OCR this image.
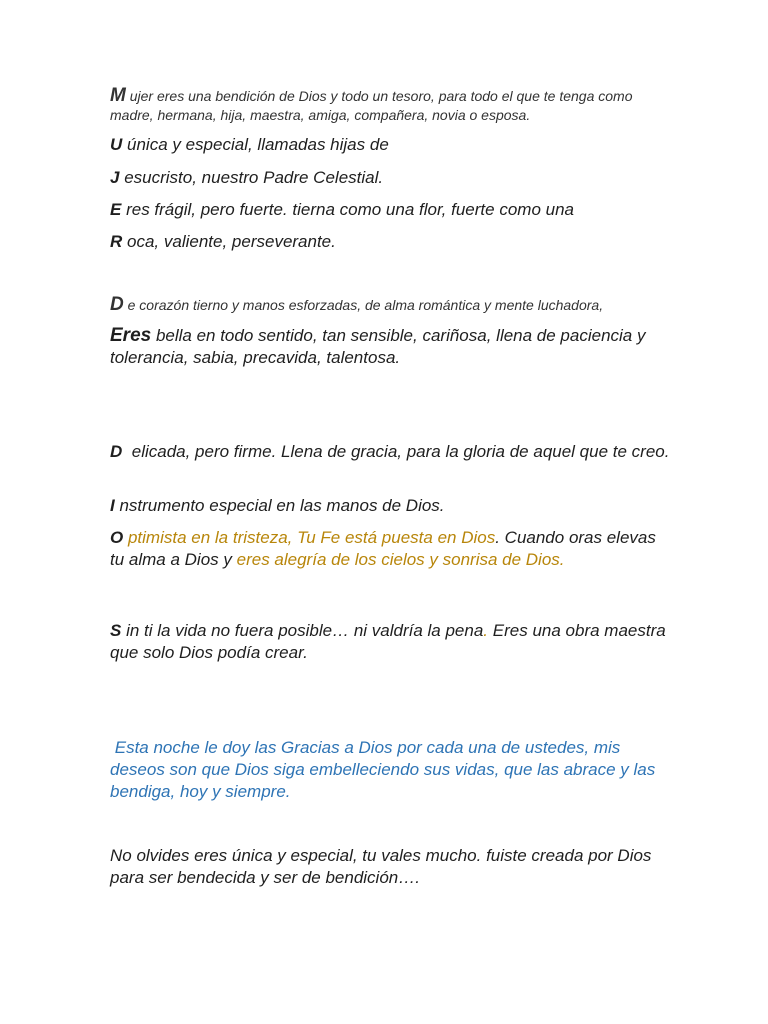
M ujer eres una bendición de Dios y todo un tesoro, para todo el que te tenga como madre, hermana, hija, maestra, amiga, compañera, novia o esposa.

U única y especial, llamadas hijas de

J esucristo, nuestro Padre Celestial.

E res frágil, pero fuerte. tierna como una flor, fuerte como una

R oca, valiente, perseverante.

D e corazón tierno y manos esforzadas, de alma romántica y mente luchadora,

Eres bella en todo sentido, tan sensible, cariñosa, llena de paciencia y tolerancia, sabia, precavida, talentosa.

D elicada, pero firme. Llena de gracia, para la gloria de aquel que te creo.

I nstrumento especial en las manos de Dios.

O ptimista en la tristeza, Tu Fe está puesta en Dios. Cuando oras elevas tu alma a Dios y eres alegría de los cielos y sonrisa de Dios.

S in ti la vida no fuera posible… ni valdría la pena. Eres una obra maestra que solo Dios podía crear.

Esta noche le doy las Gracias a Dios por cada una de ustedes, mis deseos son que Dios siga embelleciendo sus vidas, que las abrace y las bendiga, hoy y siempre.

No olvides eres única y especial, tu vales mucho. fuiste creada por Dios para ser bendecida y ser de bendición….
